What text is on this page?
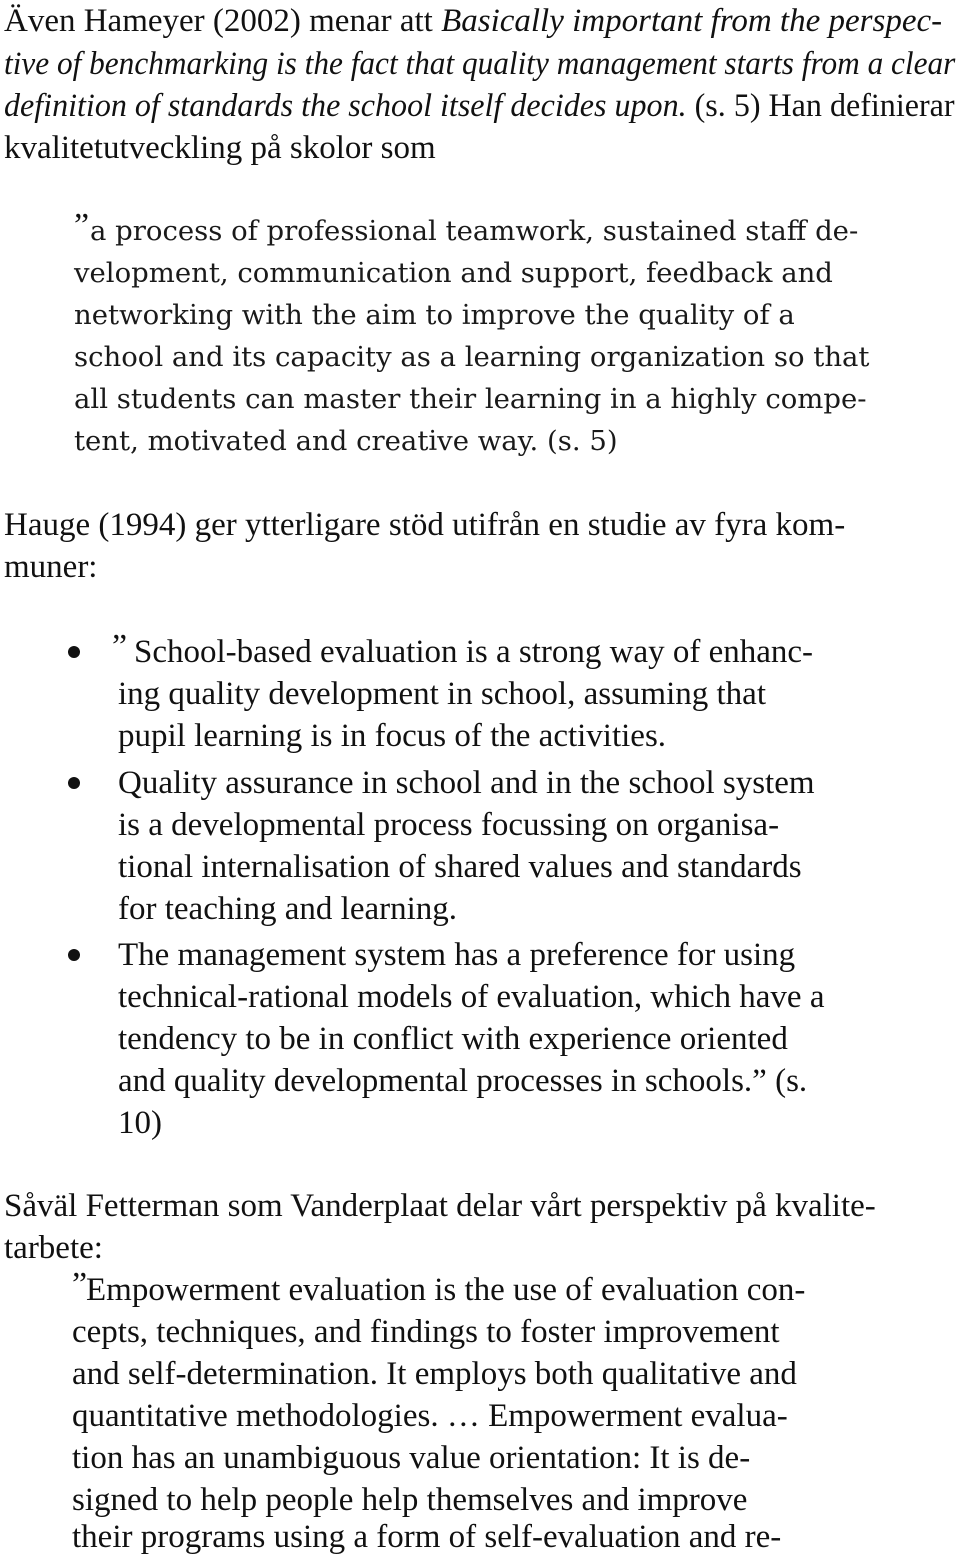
Även Hameyer (2002) menar att Basically important from the perspec-

tive of benchmarking is the fact that quality management starts from a clear

definition of standards the school itself decides upon. (s. 5) Han definierar

kvalitetutveckling på skolor som

” a process of professional teamwork, sustained staff de-

velopment, communication and support, feedback and

networking with the aim to improve the quality of a

school and its capacity as a learning organization so that

all students can master their learning in a highly compe-

tent, motivated and creative way. (s. 5)

Hauge (1994) ger ytterligare stöd utifrån en studie av fyra kom-

muner:

” School-based evaluation is a strong way of enhanc-

ing quality development in school, assuming that

pupil learning is in focus of the activities.

Quality assurance in school and in the school system

is a developmental process focussing on organisa-

tional internalisation of shared values and standards

for teaching and learning.

The management system has a preference for using

technical-rational models of evaluation, which have a

tendency to be in conflict with experience oriented

and quality developmental processes in schools.” (s.

10)

Såväl Fetterman som Vanderplaat delar vårt perspektiv på kvalite-

tarbete:

”

Empowerment evaluation is the use of evaluation con-

cepts, techniques, and findings to foster improvement

and self-determination. It employs both qualitative and

quantitative methodologies. … Empowerment evalua-

tion has an unambiguous value orientation: It is de-

signed to help people help themselves and improve

their programs using a form of self-evaluation and re-
